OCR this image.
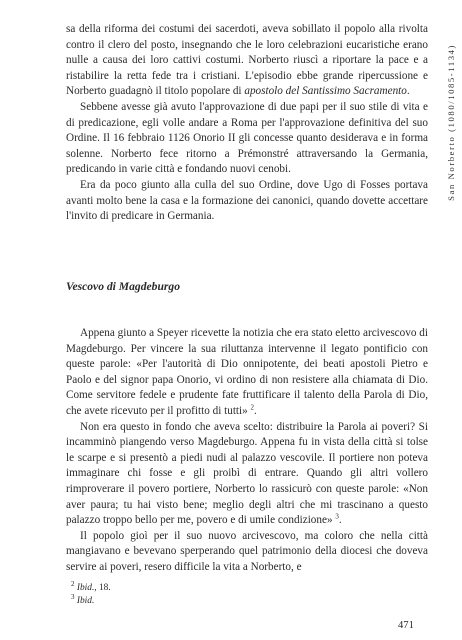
San Norberto (1080/1085-1134)

sa della riforma dei costumi dei sacerdoti, aveva sobillato il popolo alla rivolta contro il clero del posto, insegnando che le loro celebrazioni eucaristiche erano nulle a causa dei loro cattivi costumi. Norberto riuscì a riportare la pace e a ristabilire la retta fede tra i cristiani. L'episodio ebbe grande ripercussione e Norberto guadagnò il titolo popolare di apostolo del Santissimo Sacramento.

Sebbene avesse già avuto l'approvazione di due papi per il suo stile di vita e di predicazione, egli volle andare a Roma per l'approvazione definitiva del suo Ordine. Il 16 febbraio 1126 Onorio II gli concesse quanto desiderava e in forma solenne. Norberto fece ritorno a Prémonstré attraversando la Germania, predicando in varie città e fondando nuovi cenobi.

Era da poco giunto alla culla del suo Ordine, dove Ugo di Fosses portava avanti molto bene la casa e la formazione dei canonici, quando dovette accettare l'invito di predicare in Germania.

Vescovo di Magdeburgo

Appena giunto a Speyer ricevette la notizia che era stato eletto arcivescovo di Magdeburgo. Per vincere la sua riluttanza intervenne il legato pontificio con queste parole: «Per l'autorità di Dio onnipotente, dei beati apostoli Pietro e Paolo e del signor papa Onorio, vi ordino di non resistere alla chiamata di Dio. Come servitore fedele e prudente fate fruttificare il talento della Parola di Dio, che avete ricevuto per il profitto di tutti» $^2$.

Non era questo in fondo che aveva scelto: distribuire la Parola ai poveri? Si incamminò piangendo verso Magdeburgo. Appena fu in vista della città si tolse le scarpe e si presentò a piedi nudi al palazzo vescovile. Il portiere non poteva immaginare chi fosse e gli proibì di entrare. Quando gli altri vollero rimproverare il povero portiere, Norberto lo rassicurò con queste parole: «Non aver paura; tu hai visto bene; meglio degli altri che mi trascinano a questo palazzo troppo bello per me, povero e di umile condizione» $^3$.

Il popolo gioì per il suo nuovo arcivescovo, ma coloro che nella città mangiavano e bevevano sperperando quel patrimonio della diocesi che doveva servire ai poveri, resero difficile la vita a Norberto, e

$^2$ Ibid., 18.
$^3$ Ibid.
471
